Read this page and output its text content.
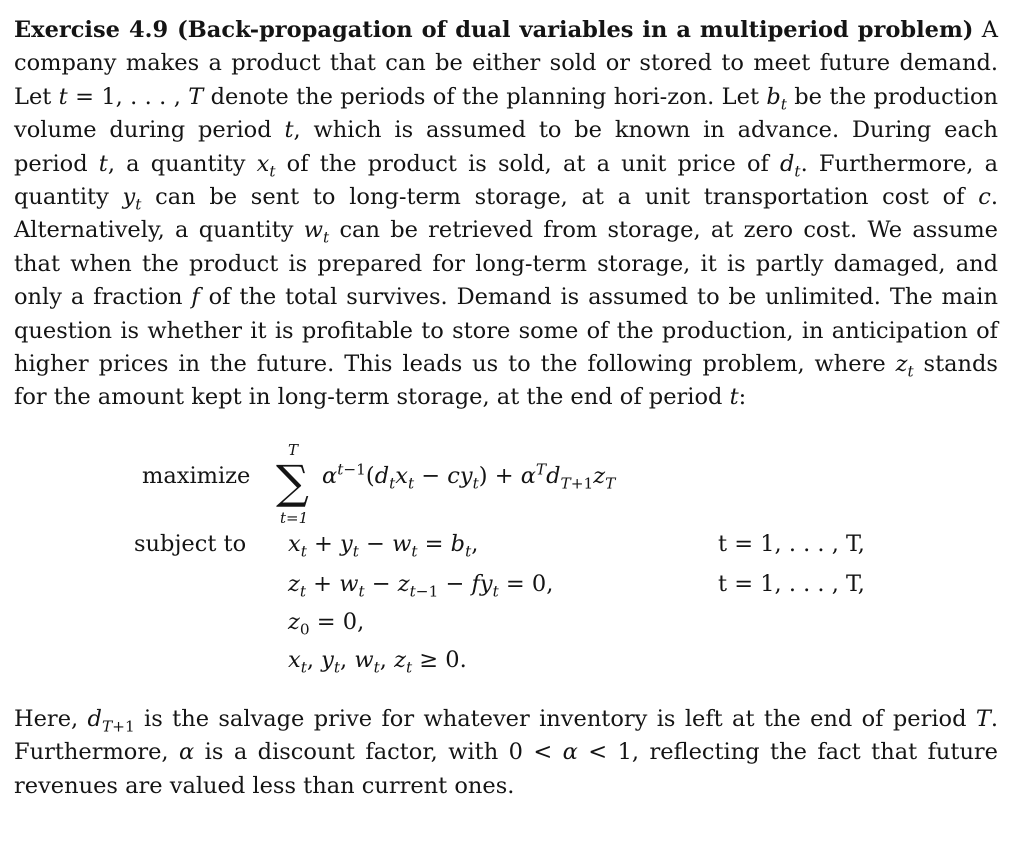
Exercise 4.9 (Back-propagation of dual variables in a multiperiod problem) A company makes a product that can be either sold or stored to meet future demand. Let t = 1, . . . , T denote the periods of the planning hori-zon. Let $b_t$ be the production volume during period t, which is assumed to be known in advance. During each period t, a quantity $x_t$ of the product is sold, at a unit price of $d_t$. Furthermore, a quantity $y_t$ can be sent to long-term storage, at a unit transportation cost of c. Alternatively, a quantity $w_t$ can be retrieved from storage, at zero cost. We assume that when the product is prepared for long-term storage, it is partly damaged, and only a fraction f of the total survives. Demand is assumed to be unlimited. The main question is whether it is profitable to store some of the production, in anticipation of higher prices in the future. This leads us to the following problem, where $z_t$ stands for the amount kept in long-term storage, at the end of period t:

maximize
T
∑
t=1
$\alpha^{t-1}(d_tx_t - cy_t) + \alpha^Td_{T+1}z_T$
subject to $x_t + y_t - w_t = b_t$,	t = 1, . . . , T,
$z_t + w_t - z_{t-1} - fy_t = 0$,	t = 1, . . . , T,
$z_0 = 0$,
$x_t$, $y_t$, $w_t$, $z_t \ge 0$.

Here, $d_{T+1}$ is the salvage prive for whatever inventory is left at the end of period T. Furthermore, α is a discount factor, with 0 < α < 1, reflecting the fact that future revenues are valued less than current ones.
